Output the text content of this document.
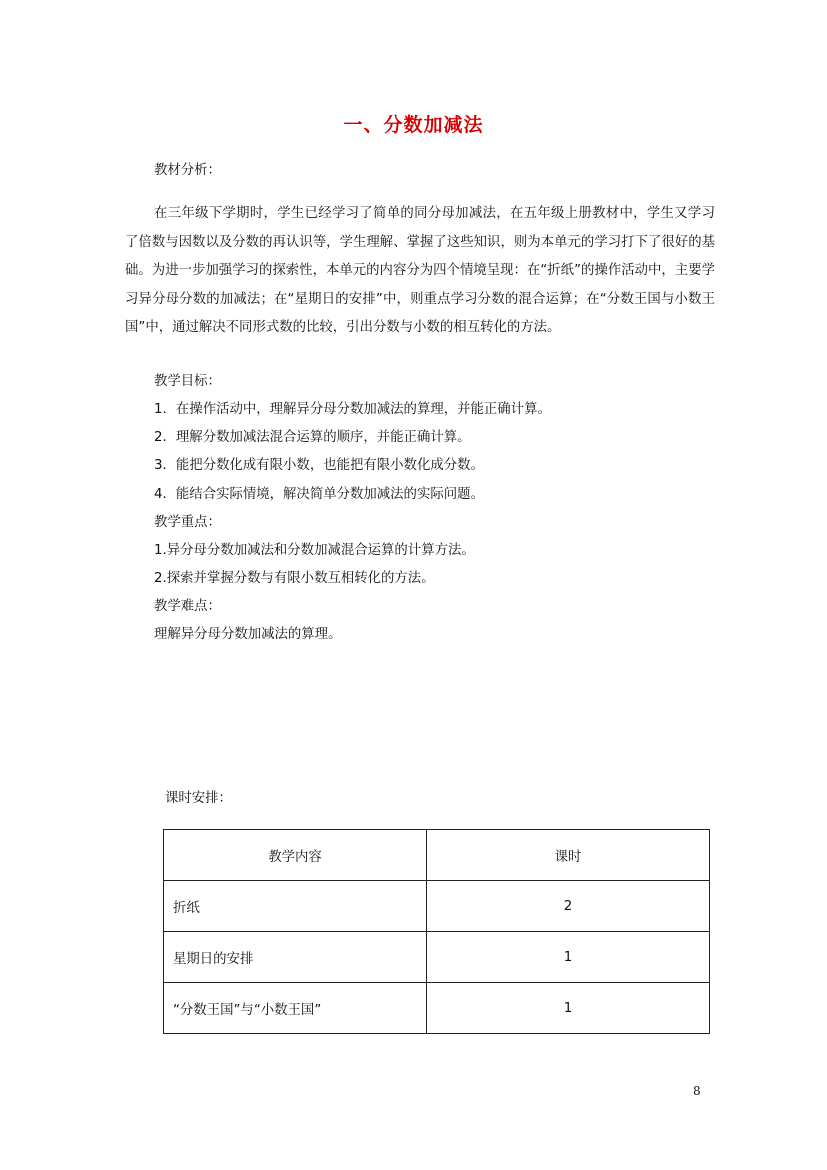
一、分数加减法
教材分析：
在三年级下学期时，学生已经学习了简单的同分母加减法，在五年级上册教材中，学生又学习了倍数与因数以及分数的再认识等，学生理解、掌握了这些知识，则为本单元的学习打下了很好的基础。为进一步加强学习的探索性，本单元的内容分为四个情境呈现：在“折纸”的操作活动中，主要学习异分母分数的加减法；在“星期日的安排”中，则重点学习分数的混合运算；在“分数王国与小数王国”中，通过解决不同形式数的比较，引出分数与小数的相互转化的方法。
教学目标：
1．在操作活动中，理解异分母分数加减法的算理，并能正确计算。
2．理解分数加减法混合运算的顺序，并能正确计算。
3．能把分数化成有限小数，也能把有限小数化成分数。
4．能结合实际情境，解决简单分数加减法的实际问题。
教学重点：
1.异分母分数加减法和分数加减混合运算的计算方法。
2.探索并掌握分数与有限小数互相转化的方法。
教学难点：
理解异分母分数加减法的算理。
课时安排：
教学内容	课时
折纸	2
星期日的安排	1
“分数王国”与“小数王国”	1
8
